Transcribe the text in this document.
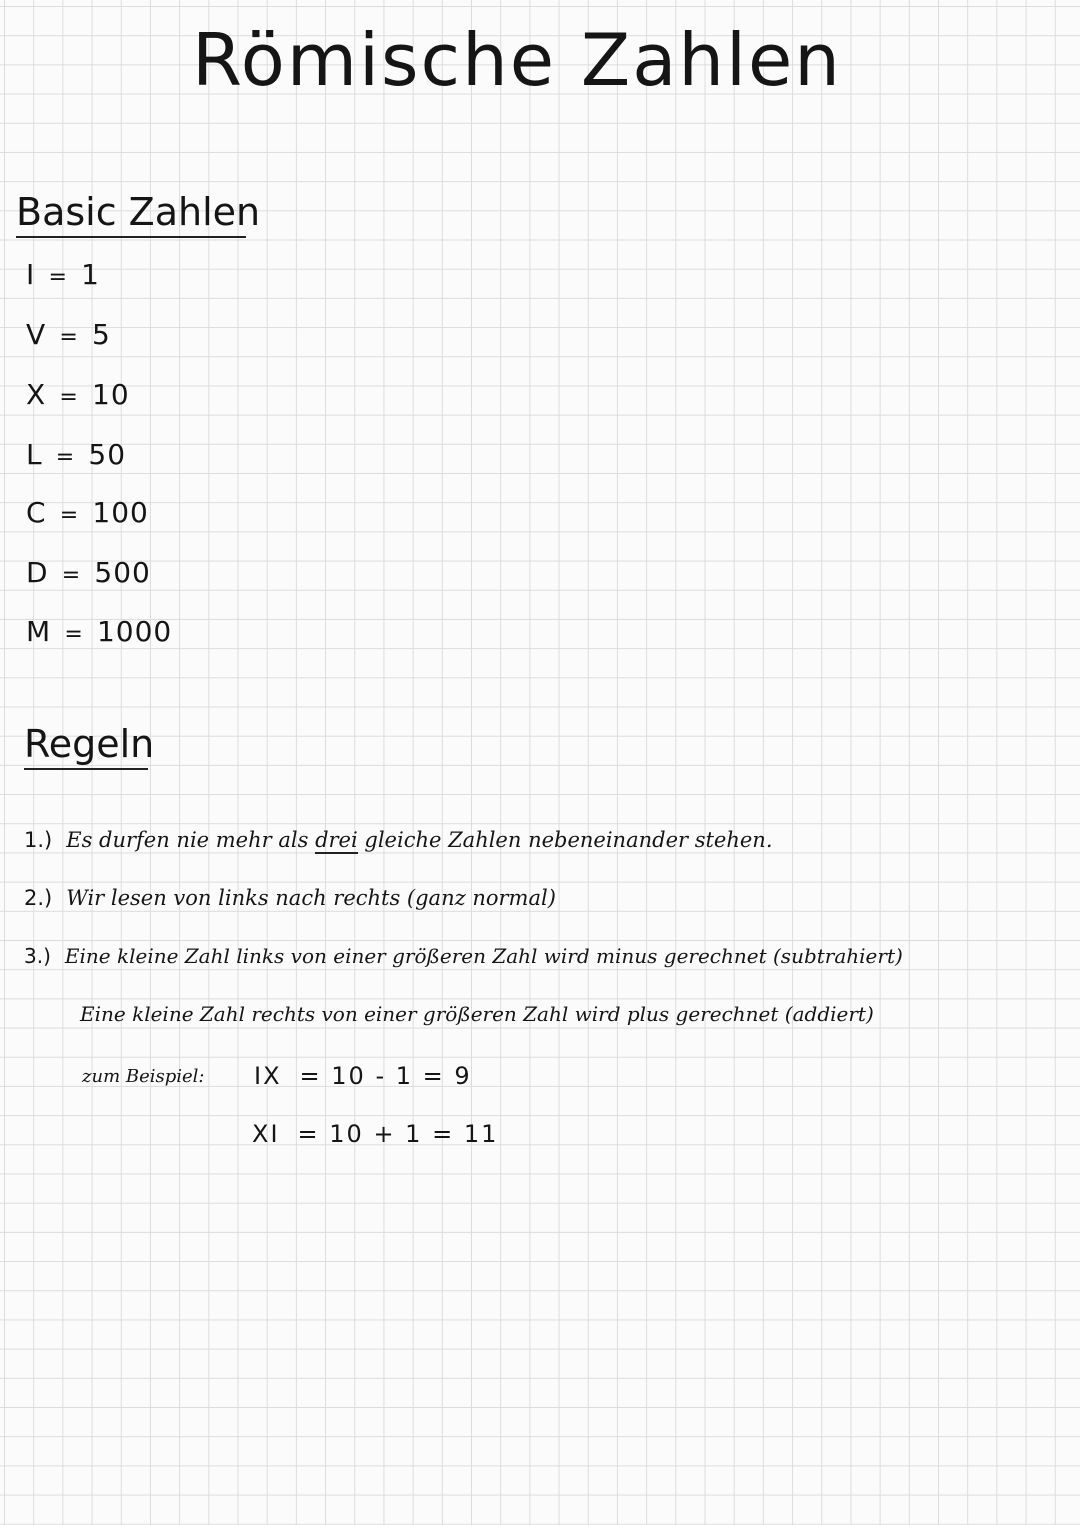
Römische Zahlen
Basic Zahlen
I = 1
V = 5
X = 10
L = 50
C = 100
D = 500
M = 1000
Regeln
1.) Es durfen nie mehr als drei gleiche Zahlen nebeneinander stehen.
2.) Wir lesen von links nach rechts (ganz normal)
3.) Eine kleine Zahl links von einer größeren Zahl wird minus gerechnet (subtrahiert)
Eine kleine Zahl rechts von einer größeren Zahl wird plus gerechnet (addiert)
zum Beispiel: IX = 10 - 1 = 9
XI = 10 + 1 = 11
